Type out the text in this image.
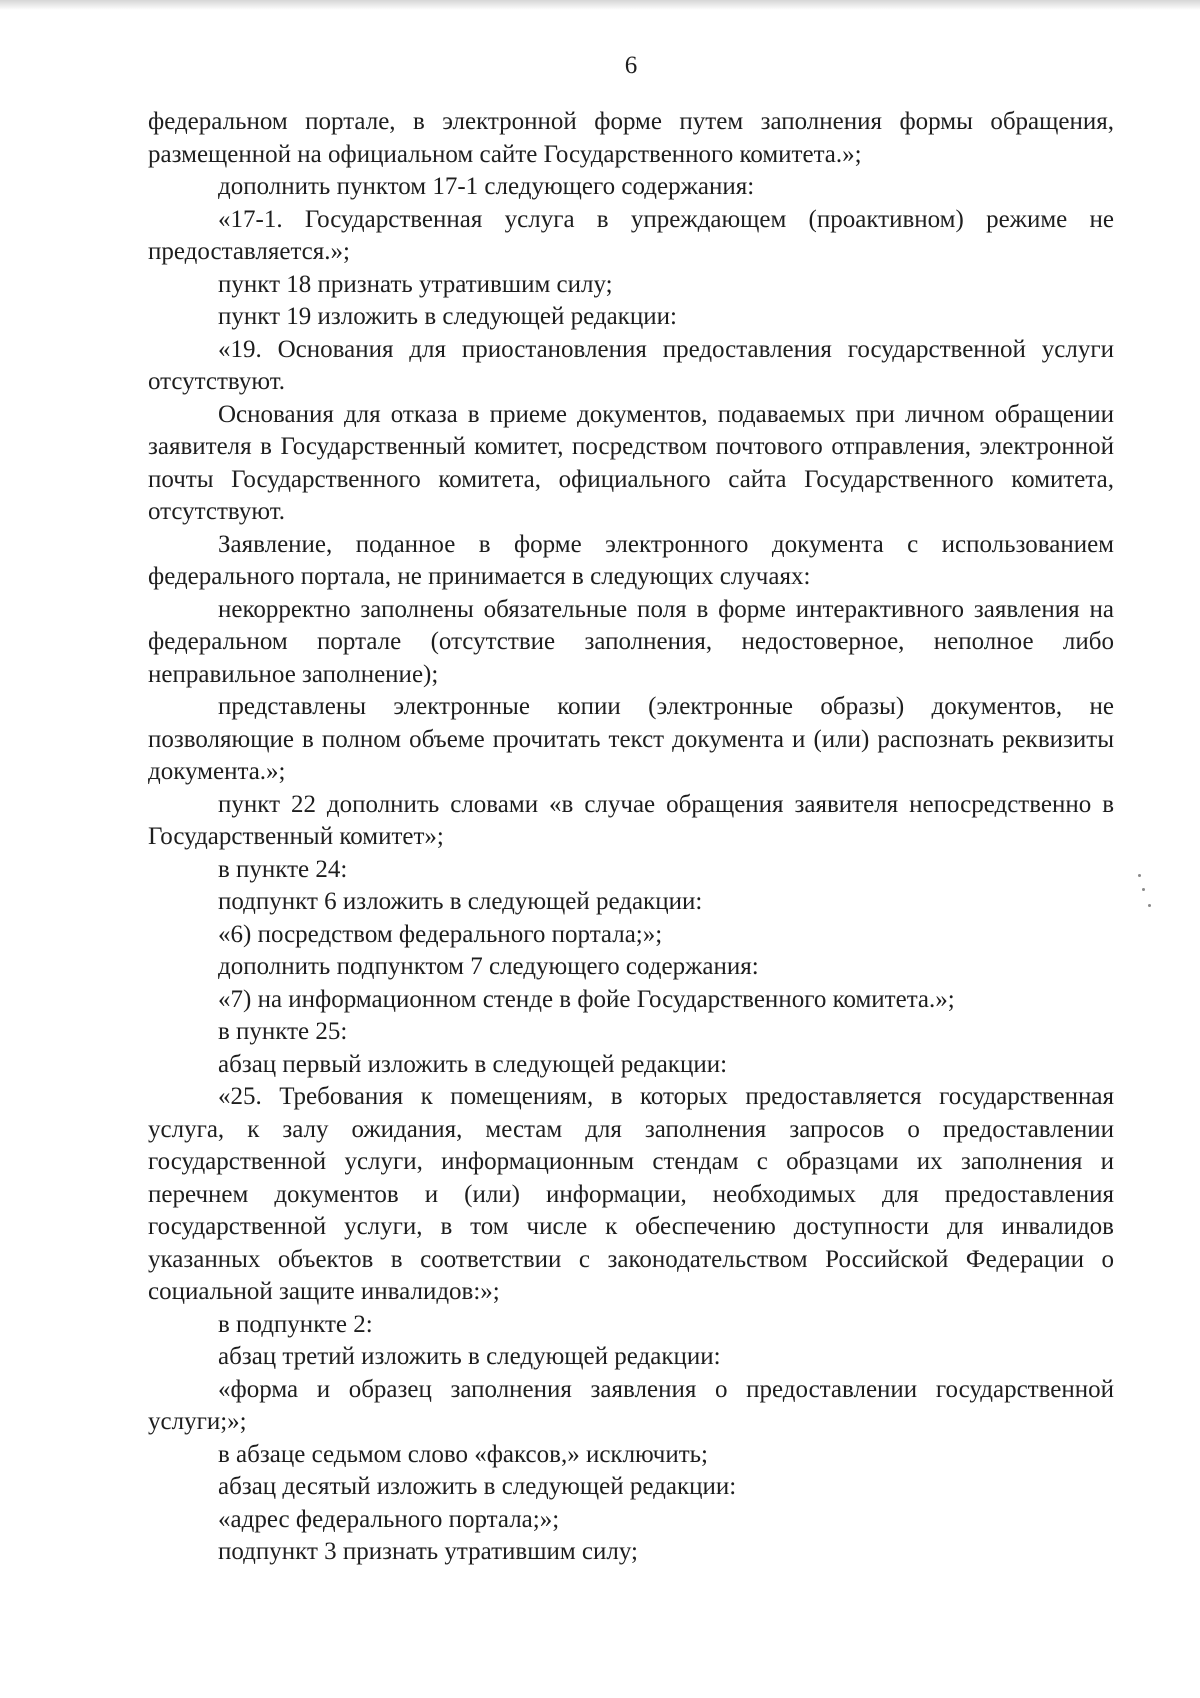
6

федеральном портале, в электронной форме путем заполнения формы обращения, размещенной на официальном сайте Государственного комитета.»;

дополнить пунктом 17-1 следующего содержания:

«17-1. Государственная услуга в упреждающем (проактивном) режиме не предоставляется.»;

пункт 18 признать утратившим силу;

пункт 19 изложить в следующей редакции:

«19. Основания для приостановления предоставления государственной услуги отсутствуют.

Основания для отказа в приеме документов, подаваемых при личном обращении заявителя в Государственный комитет, посредством почтового отправления, электронной почты Государственного комитета, официального сайта Государственного комитета, отсутствуют.

Заявление, поданное в форме электронного документа с использованием федерального портала, не принимается в следующих случаях:

некорректно заполнены обязательные поля в форме интерактивного заявления на федеральном портале (отсутствие заполнения, недостоверное, неполное либо неправильное заполнение);

представлены электронные копии (электронные образы) документов, не позволяющие в полном объеме прочитать текст документа и (или) распознать реквизиты документа.»;

пункт 22 дополнить словами «в случае обращения заявителя непосредственно в Государственный комитет»;

в пункте 24:

подпункт 6 изложить в следующей редакции:

«6) посредством федерального портала;»;

дополнить подпунктом 7 следующего содержания:

«7) на информационном стенде в фойе Государственного комитета.»;

в пункте 25:

абзац первый изложить в следующей редакции:

«25. Требования к помещениям, в которых предоставляется государственная услуга, к залу ожидания, местам для заполнения запросов о предоставлении государственной услуги, информационным стендам с образцами их заполнения и перечнем документов и (или) информации, необходимых для предоставления государственной услуги, в том числе к обеспечению доступности для инвалидов указанных объектов в соответствии с законодательством Российской Федерации о социальной защите инвалидов:»;

в подпункте 2:

абзац третий изложить в следующей редакции:

«форма и образец заполнения заявления о предоставлении государственной услуги;»;

в абзаце седьмом слово «факсов,» исключить;

абзац десятый изложить в следующей редакции:

«адрес федерального портала;»;

подпункт 3 признать утратившим силу;
